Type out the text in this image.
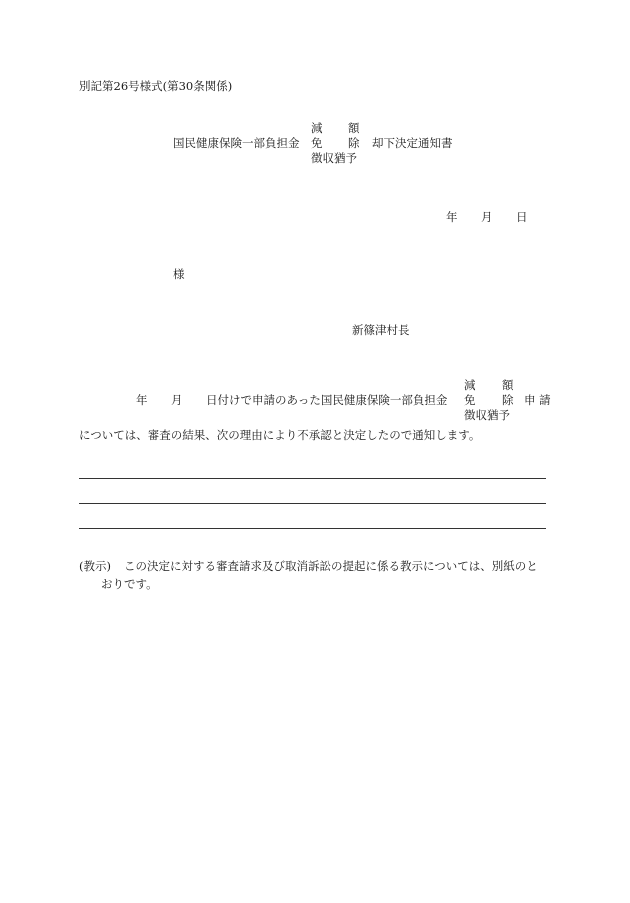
別記第26号様式(第30条関係)
減 額
国民健康保険一部負担金 免 除 却下決定通知書
徴収猶予
年 月 日
様
新篠津村長
減 額
年 月 日付けで申請のあった国民健康保険一部負担金 免 除 申 請
徴収猶予
については、審査の結果、次の理由により不承認と決定したので通知します。
(教示) この決定に対する審査請求及び取消訴訟の提起に係る教示については、別紙のと
おりです。
